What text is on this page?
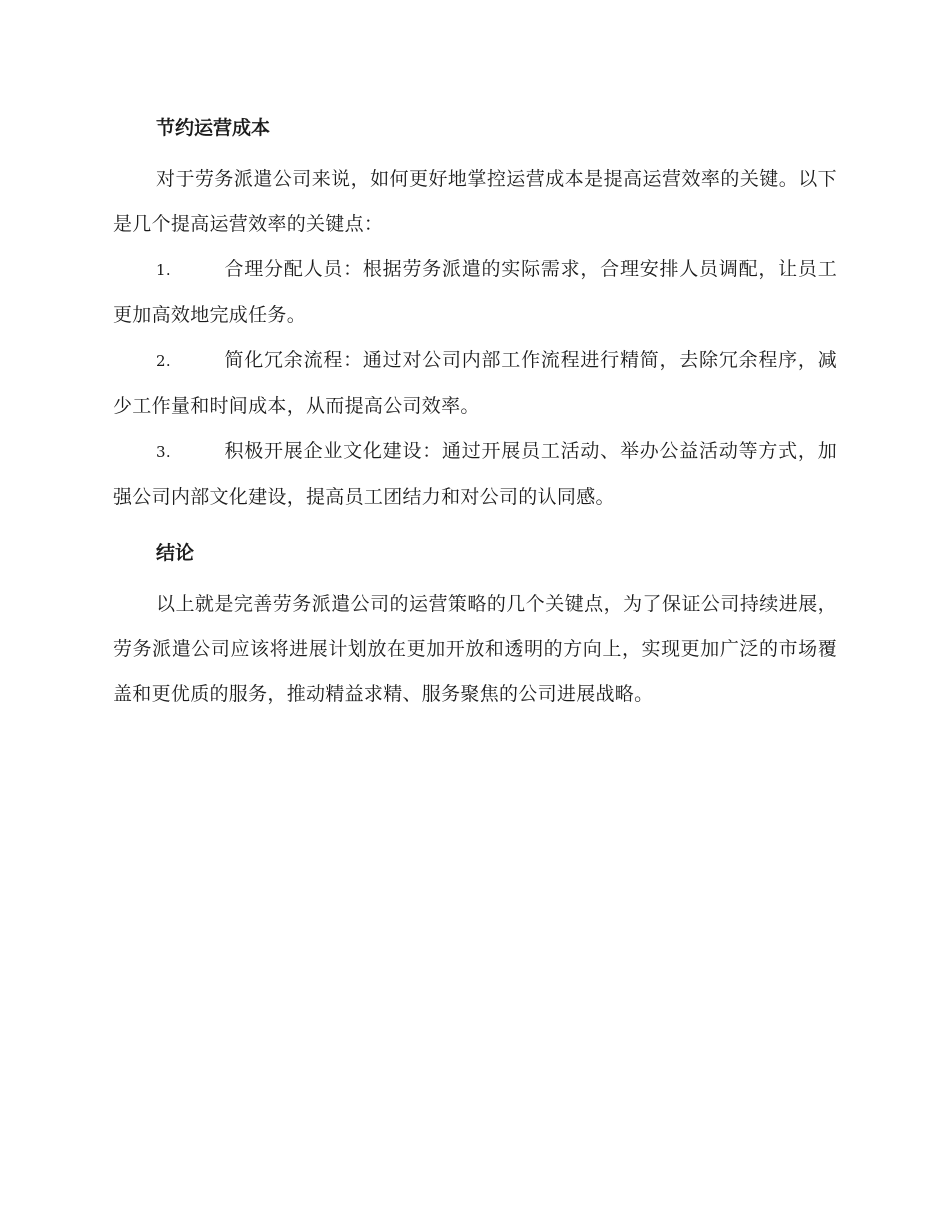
节约运营成本

对于劳务派遣公司来说，如何更好地掌控运营成本是提高运营效率的关键。以下是几个提高运营效率的关键点：

1.	合理分配人员：根据劳务派遣的实际需求，合理安排人员调配，让员工更加高效地完成任务。

2.	简化冗余流程：通过对公司内部工作流程进行精简，去除冗余程序，减少工作量和时间成本，从而提高公司效率。

3.	积极开展企业文化建设：通过开展员工活动、举办公益活动等方式，加强公司内部文化建设，提高员工团结力和对公司的认同感。

结论

以上就是完善劳务派遣公司的运营策略的几个关键点，为了保证公司持续进展，劳务派遣公司应该将进展计划放在更加开放和透明的方向上，实现更加广泛的市场覆盖和更优质的服务，推动精益求精、服务聚焦的公司进展战略。
